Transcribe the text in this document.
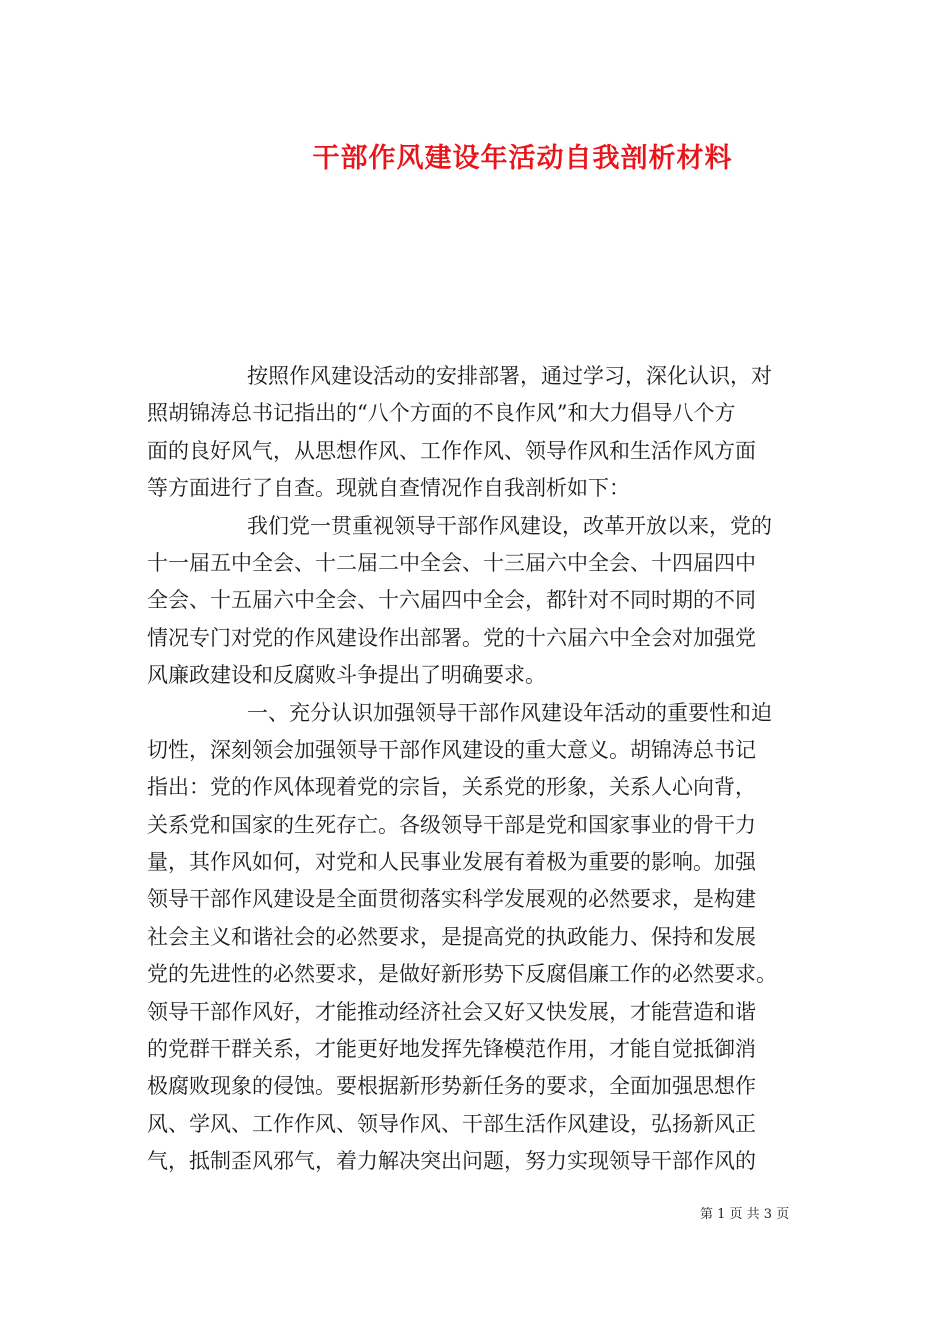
干部作风建设年活动自我剖析材料
按照作风建设活动的安排部署，通过学习，深化认识，对
照胡锦涛总书记指出的“八个方面的不良作风”和大力倡导八个方
面的良好风气，从思想作风、工作作风、领导作风和生活作风方面
等方面进行了自查。现就自查情况作自我剖析如下：
我们党一贯重视领导干部作风建设，改革开放以来，党的
十一届五中全会、十二届二中全会、十三届六中全会、十四届四中
全会、十五届六中全会、十六届四中全会，都针对不同时期的不同
情况专门对党的作风建设作出部署。党的十六届六中全会对加强党
风廉政建设和反腐败斗争提出了明确要求。
一、充分认识加强领导干部作风建设年活动的重要性和迫
切性，深刻领会加强领导干部作风建设的重大意义。胡锦涛总书记
指出：党的作风体现着党的宗旨，关系党的形象，关系人心向背，
关系党和国家的生死存亡。各级领导干部是党和国家事业的骨干力
量，其作风如何，对党和人民事业发展有着极为重要的影响。加强
领导干部作风建设是全面贯彻落实科学发展观的必然要求，是构建
社会主义和谐社会的必然要求，是提高党的执政能力、保持和发展
党的先进性的必然要求，是做好新形势下反腐倡廉工作的必然要求。
领导干部作风好，才能推动经济社会又好又快发展，才能营造和谐
的党群干群关系，才能更好地发挥先锋模范作用，才能自觉抵御消
极腐败现象的侵蚀。要根据新形势新任务的要求，全面加强思想作
风、学风、工作作风、领导作风、干部生活作风建设，弘扬新风正
气，抵制歪风邪气，着力解决突出问题，努力实现领导干部作风的
第 1 页 共 3 页
